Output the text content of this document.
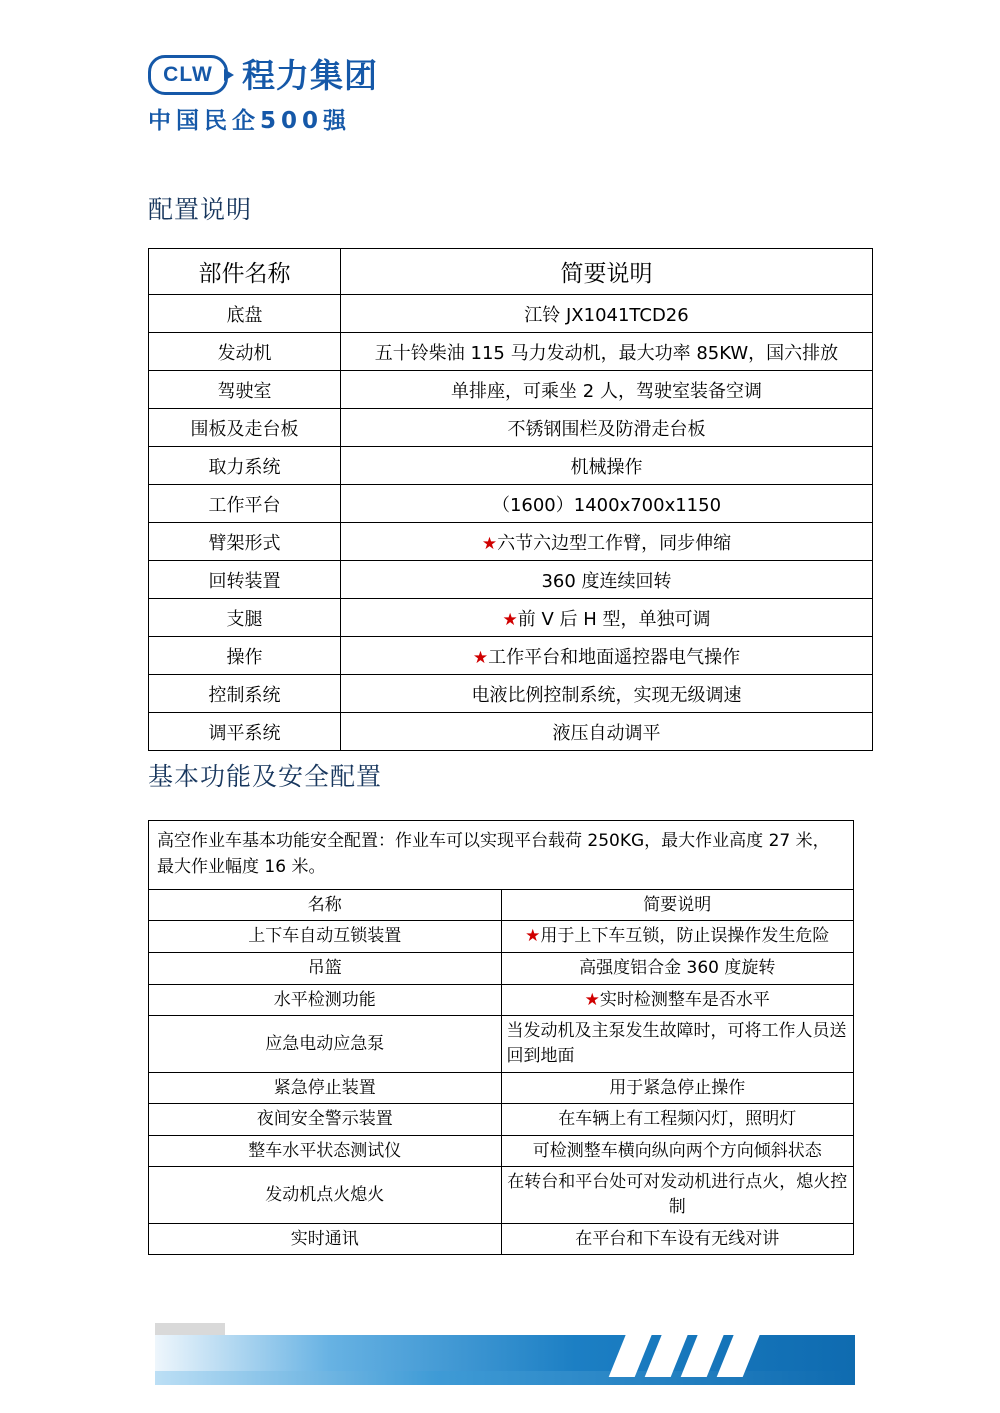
CLW 程力集团
中国民企500强
配置说明
部件名称	简要说明
底盘	江铃 JX1041TCD26
发动机	五十铃柴油 115 马力发动机，最大功率 85KW，国六排放
驾驶室	单排座，可乘坐 2 人，驾驶室装备空调
围板及走台板	不锈钢围栏及防滑走台板
取力系统	机械操作
工作平台	（1600）1400x700x1150
臂架形式	★六节六边型工作臂，同步伸缩
回转装置	360 度连续回转
支腿	★前 V 后 H 型，单独可调
操作	★工作平台和地面遥控器电气操作
控制系统	电液比例控制系统，实现无级调速
调平系统	液压自动调平
基本功能及安全配置
高空作业车基本功能安全配置：作业车可以实现平台载荷 250KG，最大作业高度 27 米，最大作业幅度 16 米。	
名称	简要说明
上下车自动互锁装置	★用于上下车互锁，防止误操作发生危险
吊篮	高强度铝合金 360 度旋转
水平检测功能	★实时检测整车是否水平
应急电动应急泵	当发动机及主泵发生故障时，可将工作人员送回到地面
紧急停止装置	用于紧急停止操作
夜间安全警示装置	在车辆上有工程频闪灯，照明灯
整车水平状态测试仪	可检测整车横向纵向两个方向倾斜状态
发动机点火熄火	在转台和平台处可对发动机进行点火，熄火控制
实时通讯	在平台和下车设有无线对讲
